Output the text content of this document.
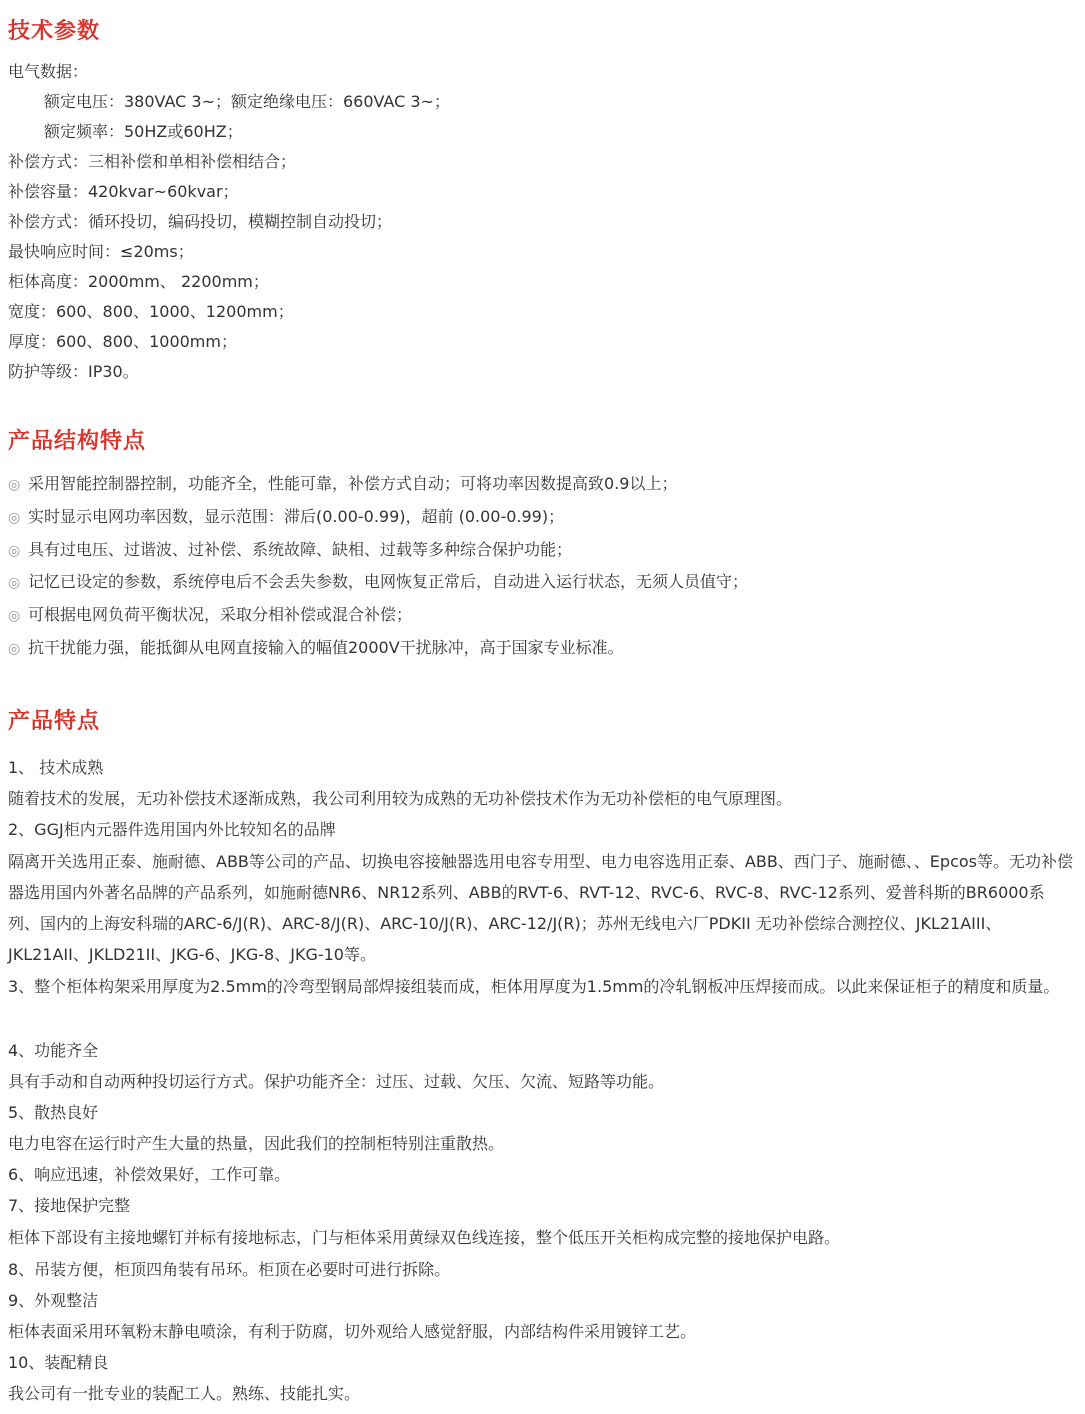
技术参数
电气数据：
额定电压：380VAC 3~；额定绝缘电压：660VAC 3~；
额定频率：50HZ或60HZ；
补偿方式：三相补偿和单相补偿相结合；
补偿容量：420kvar~60kvar；
补偿方式：循环投切，编码投切，模糊控制自动投切；
最快响应时间：≤20ms；
柜体高度：2000mm、 2200mm；
宽度：600、800、1000、1200mm；
厚度：600、800、1000mm；
防护等级：IP30。
产品结构特点
◎ 采用智能控制器控制，功能齐全，性能可靠，补偿方式自动；可将功率因数提高致0.9以上；
◎ 实时显示电网功率因数，显示范围：滞后(0.00-0.99)，超前 (0.00-0.99)；
◎ 具有过电压、过谐波、过补偿、系统故障、缺相、过载等多种综合保护功能；
◎ 记忆已设定的参数，系统停电后不会丢失参数，电网恢复正常后，自动进入运行状态，无须人员值守；
◎ 可根据电网负荷平衡状况，采取分相补偿或混合补偿；
◎ 抗干扰能力强，能抵御从电网直接输入的幅值2000V干扰脉冲，高于国家专业标准。
产品特点
1、 技术成熟
随着技术的发展，无功补偿技术逐渐成熟，我公司利用较为成熟的无功补偿技术作为无功补偿柜的电气原理图。
2、GGJ柜内元器件选用国内外比较知名的品牌
隔离开关选用正泰、施耐德、ABB等公司的产品、切换电容接触器选用电容专用型、电力电容选用正泰、ABB、西门子、施耐德、、Epcos等。无功补偿器选用国内外著名品牌的产品系列，如施耐德NR6、NR12系列、ABB的RVT-6、RVT-12、RVC-6、RVC-8、RVC-12系列、爱普科斯的BR6000系列、国内的上海安科瑞的ARC-6/J(R)、ARC-8/J(R)、ARC-10/J(R)、ARC-12/J(R)；苏州无线电六厂PDKII 无功补偿综合测控仪、JKL21AIII、JKL21AII、JKLD21II、JKG-6、JKG-8、JKG-10等。
3、整个柜体构架采用厚度为2.5mm的冷弯型钢局部焊接组装而成，柜体用厚度为1.5mm的冷轧钢板冲压焊接而成。以此来保证柜子的精度和质量。
4、功能齐全
具有手动和自动两种投切运行方式。保护功能齐全：过压、过载、欠压、欠流、短路等功能。
5、散热良好
电力电容在运行时产生大量的热量，因此我们的控制柜特别注重散热。
6、响应迅速，补偿效果好，工作可靠。
7、接地保护完整
柜体下部设有主接地螺钉并标有接地标志，门与柜体采用黄绿双色线连接，整个低压开关柜构成完整的接地保护电路。
8、吊装方便，柜顶四角装有吊环。柜顶在必要时可进行拆除。
9、外观整洁
柜体表面采用环氧粉末静电喷涂，有利于防腐，切外观给人感觉舒服，内部结构件采用镀锌工艺。
10、装配精良
我公司有一批专业的装配工人。熟练、技能扎实。
